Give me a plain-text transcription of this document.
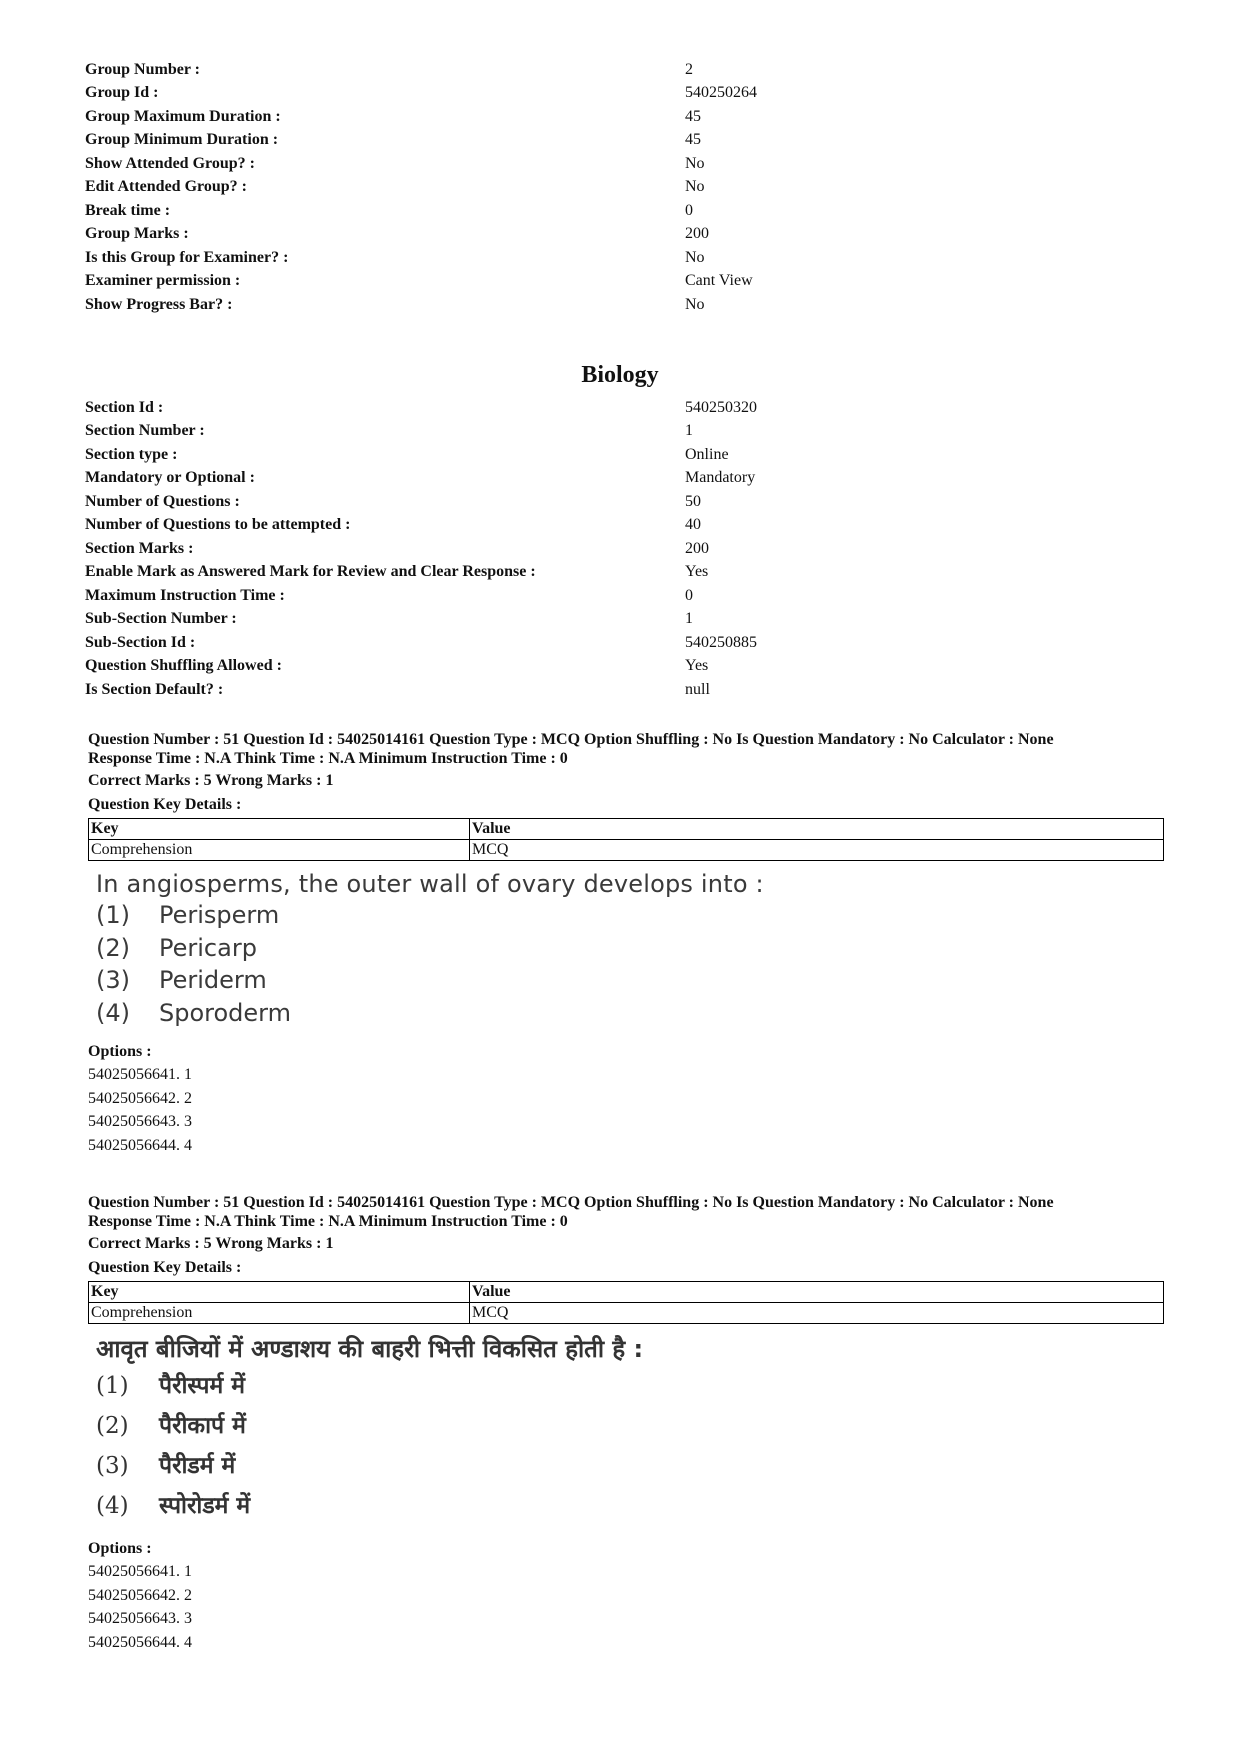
Group Number :	2
Group Id :	540250264
Group Maximum Duration :	45
Group Minimum Duration :	45
Show Attended Group? :	No
Edit Attended Group? :	No
Break time :	0
Group Marks :	200
Is this Group for Examiner? :	No
Examiner permission :	Cant View
Show Progress Bar? :	No
Biology
Section Id :	540250320
Section Number :	1
Section type :	Online
Mandatory or Optional :	Mandatory
Number of Questions :	50
Number of Questions to be attempted :	40
Section Marks :	200
Enable Mark as Answered Mark for Review and Clear Response :	Yes
Maximum Instruction Time :	0
Sub-Section Number :	1
Sub-Section Id :	540250885
Question Shuffling Allowed :	Yes
Is Section Default? :	null
Question Number : 51 Question Id : 54025014161 Question Type : MCQ Option Shuffling : No Is Question Mandatory : No Calculator : None
Response Time : N.A Think Time : N.A Minimum Instruction Time : 0
Correct Marks : 5 Wrong Marks : 1
Question Key Details :
Key	Value
Comprehension	MCQ
In angiosperms, the outer wall of ovary develops into :
(1)	Perisperm
(2)	Pericarp
(3)	Periderm
(4)	Sporoderm
Options :
54025056641. 1
54025056642. 2
54025056643. 3
54025056644. 4
Question Number : 51 Question Id : 54025014161 Question Type : MCQ Option Shuffling : No Is Question Mandatory : No Calculator : None
Response Time : N.A Think Time : N.A Minimum Instruction Time : 0
Correct Marks : 5 Wrong Marks : 1
Question Key Details :
Key	Value
Comprehension	MCQ
आवृत बीजियों में अण्डाशय की बाहरी भित्ती विकसित होती है :
(1)	पैरीस्पर्म में
(2)	पैरीकार्प में
(3)	पैरीडर्म में
(4)	स्पोरोडर्म में
Options :
54025056641. 1
54025056642. 2
54025056643. 3
54025056644. 4
